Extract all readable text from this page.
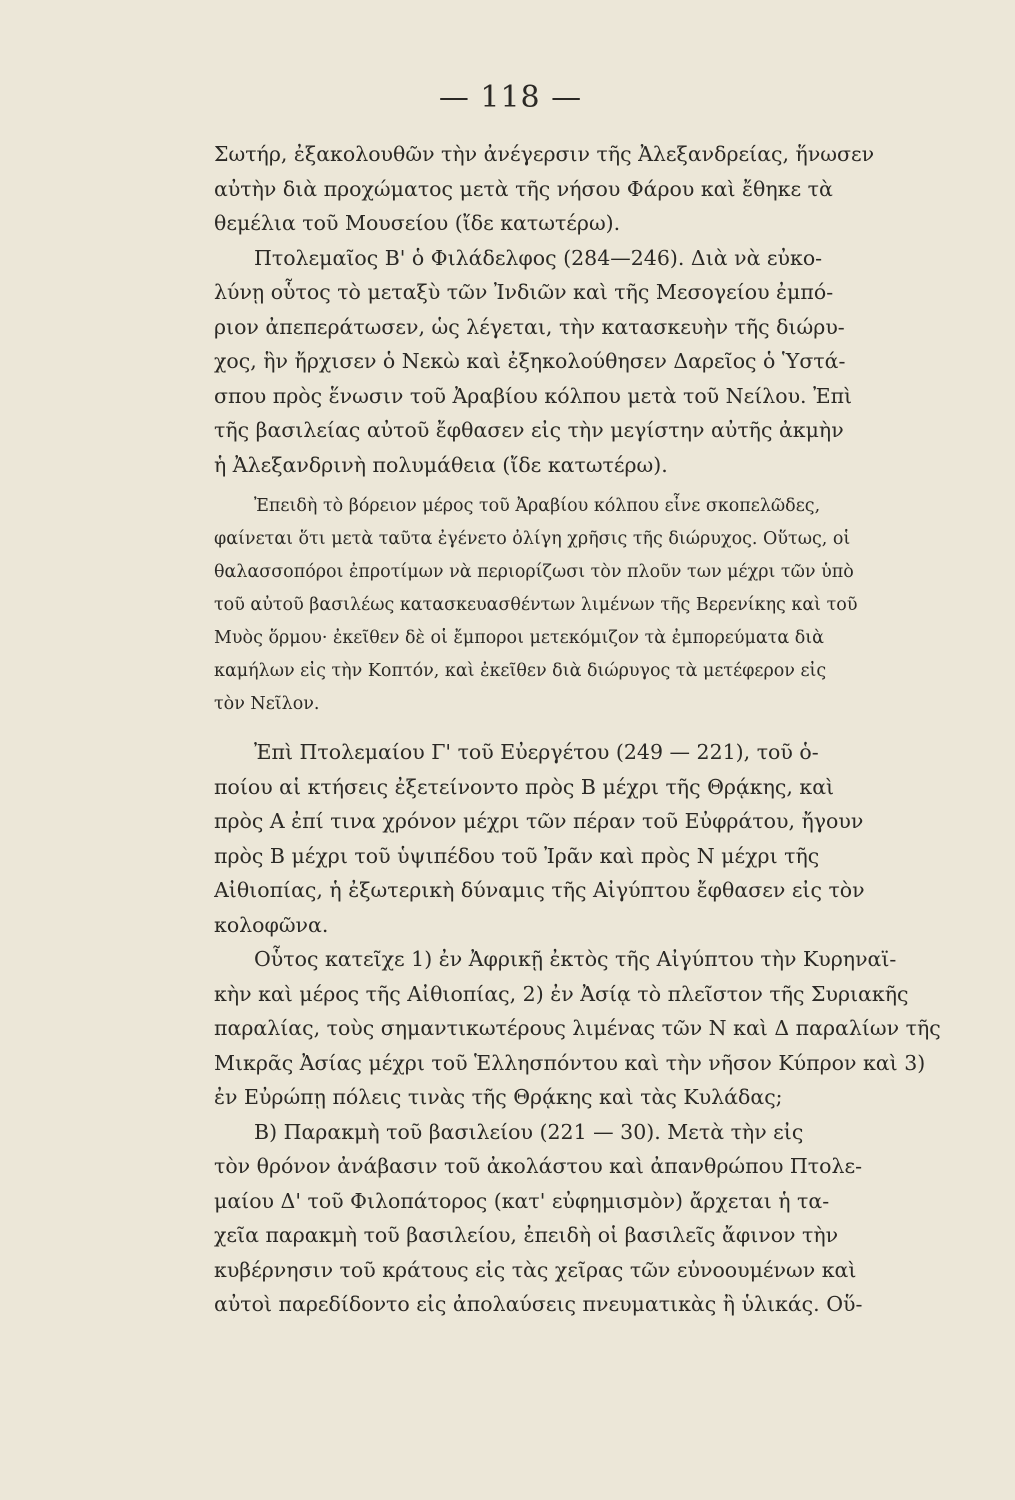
— 118 —
Σωτήρ, ἐξακολουθῶν τὴν ἀνέγερσιν τῆς Ἀλεξανδρείας, ἥνωσεν
αὐτὴν διὰ προχώματος μετὰ τῆς νήσου Φάρου καὶ ἔθηκε τὰ
θεμέλια τοῦ Μουσείου (ἴδε κατωτέρω).
Πτολεμαῖος Β' ὁ Φιλάδελφος (284—246). Διὰ νὰ εὐκο-
λύνῃ οὗτος τὸ μεταξὺ τῶν Ἰνδιῶν καὶ τῆς Μεσογείου ἐμπό-
ριον ἀπεπεράτωσεν, ὡς λέγεται, τὴν κατασκευὴν τῆς διώρυ-
χος, ἣν ἤρχισεν ὁ Νεκὼ καὶ ἐξηκολούθησεν Δαρεῖος ὁ Ὑστά-
σπου πρὸς ἕνωσιν τοῦ Ἀραβίου κόλπου μετὰ τοῦ Νείλου. Ἐπὶ
τῆς βασιλείας αὐτοῦ ἔφθασεν εἰς τὴν μεγίστην αὐτῆς ἀκμὴν
ἡ Ἀλεξανδρινὴ πολυμάθεια (ἴδε κατωτέρω).
Ἐπειδὴ τὸ βόρειον μέρος τοῦ Ἀραβίου κόλπου εἶνε σκοπελῶδες,
φαίνεται ὅτι μετὰ ταῦτα ἐγένετο ὀλίγη χρῆσις τῆς διώρυχος. Οὕτως, οἱ
θαλασσοπόροι ἐπροτίμων νὰ περιορίζωσι τὸν πλοῦν των μέχρι τῶν ὑπὸ
τοῦ αὐτοῦ βασιλέως κατασκευασθέντων λιμένων τῆς Βερενίκης καὶ τοῦ
Μυὸς ὅρμου· ἐκεῖθεν δὲ οἱ ἔμποροι μετεκόμιζον τὰ ἐμπορεύματα διὰ
καμήλων εἰς τὴν Κοπτόν, καὶ ἐκεῖθεν διὰ διώρυγος τὰ μετέφερον εἰς
τὸν Νεῖλον.
Ἐπὶ Πτολεμαίου Γ' τοῦ Εὐεργέτου (249 — 221), τοῦ ὁ-
ποίου αἱ κτήσεις ἐξετείνοντο πρὸς Β μέχρι τῆς Θρᾴκης, καὶ
πρὸς Α ἐπί τινα χρόνον μέχρι τῶν πέραν τοῦ Εὐφράτου, ἤγουν
πρὸς Β μέχρι τοῦ ὑψιπέδου τοῦ Ἰρᾶν καὶ πρὸς Ν μέχρι τῆς
Αἰθιοπίας, ἡ ἐξωτερικὴ δύναμις τῆς Αἰγύπτου ἔφθασεν εἰς τὸν
κολοφῶνα.
Οὗτος κατεῖχε 1) ἐν Ἀφρικῇ ἐκτὸς τῆς Αἰγύπτου τὴν Κυρηναϊ-
κὴν καὶ μέρος τῆς Αἰθιοπίας, 2) ἐν Ἀσίᾳ τὸ πλεῖστον τῆς Συριακῆς
παραλίας, τοὺς σημαντικωτέρους λιμένας τῶν Ν καὶ Δ παραλίων τῆς
Μικρᾶς Ἀσίας μέχρι τοῦ Ἑλλησπόντου καὶ τὴν νῆσον Κύπρον καὶ 3)
ἐν Εὐρώπῃ πόλεις τινὰς τῆς Θρᾴκης καὶ τὰς Κυλάδας;
Β) Παρακμὴ τοῦ βασιλείου (221 — 30). Μετὰ τὴν εἰς
τὸν θρόνον ἀνάβασιν τοῦ ἀκολάστου καὶ ἀπανθρώπου Πτολε-
μαίου Δ' τοῦ Φιλοπάτορος (κατ' εὐφημισμὸν) ἄρχεται ἡ τα-
χεῖα παρακμὴ τοῦ βασιλείου, ἐπειδὴ οἱ βασιλεῖς ἄφινον τὴν
κυβέρνησιν τοῦ κράτους εἰς τὰς χεῖρας τῶν εὐνοουμένων καὶ
αὐτοὶ παρεδίδοντο εἰς ἀπολαύσεις πνευματικὰς ἢ ὑλικάς. Οὕ-
